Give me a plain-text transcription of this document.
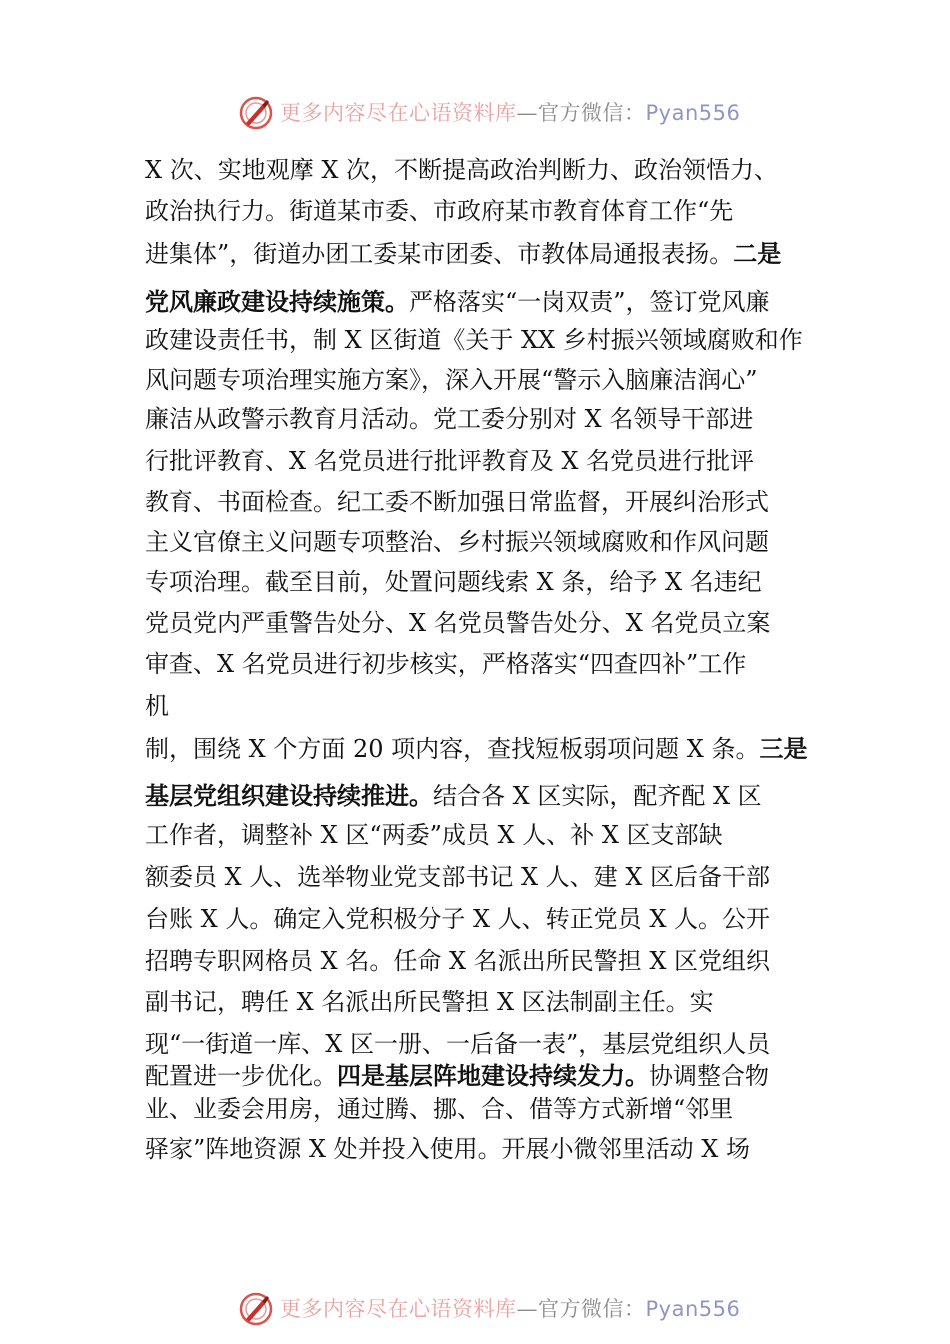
更多内容尽在心语资料库—官方微信：Pyan556
X 次、实地观摩 X 次，不断提高政治判断力、政治领悟力、
政治执行力。街道某市委、市政府某市教育体育工作“先
进集体”，街道办团工委某市团委、市教体局通报表扬。二是
党风廉政建设持续施策。严格落实“一岗双责”，签订党风廉
政建设责任书，制 X 区街道《关于 XX 乡村振兴领域腐败和作
风问题专项治理实施方案》，深入开展“警示入脑廉洁润心”
廉洁从政警示教育月活动。党工委分别对 X 名领导干部进
行批评教育、X 名党员进行批评教育及 X 名党员进行批评
教育、书面检查。纪工委不断加强日常监督，开展纠治形式
主义官僚主义问题专项整治、乡村振兴领域腐败和作风问题
专项治理。截至目前，处置问题线索 X 条，给予 X 名违纪
党员党内严重警告处分、X 名党员警告处分、X 名党员立案
审查、X 名党员进行初步核实，严格落实“四查四补”工作
机
制，围绕 X 个方面 20 项内容，查找短板弱项问题 X 条。三是
基层党组织建设持续推进。结合各 X 区实际，配齐配 X 区
工作者，调整补 X 区“两委”成员 X 人、补 X 区支部缺
额委员 X 人、选举物业党支部书记 X 人、建 X 区后备干部
台账 X 人。确定入党积极分子 X 人、转正党员 X 人。公开
招聘专职网格员 X 名。任命 X 名派出所民警担 X 区党组织
副书记，聘任 X 名派出所民警担 X 区法制副主任。实
现“一街道一库、X 区一册、一后备一表”，基层党组织人员
配置进一步优化。四是基层阵地建设持续发力。协调整合物
业、业委会用房，通过腾、挪、合、借等方式新增“邻里
驿家”阵地资源 X 处并投入使用。开展小微邻里活动 X 场
更多内容尽在心语资料库—官方微信：Pyan556
